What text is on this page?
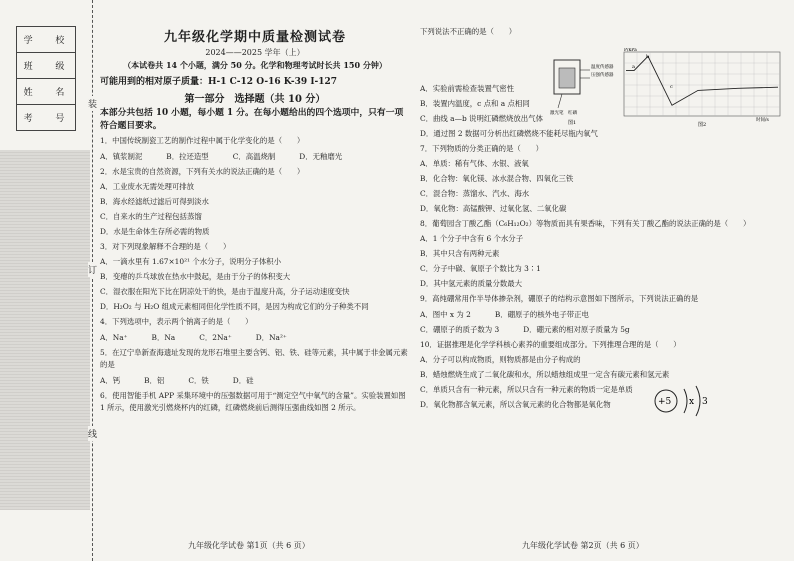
学 校
班 级
姓 名
考 号
装
订
线
九年级化学期中质量检测试卷
2024——2025 学年（上）
（本试卷共 14 个小题，满分 50 分。化学和物理考试时长共 150 分钟）
可能用到的相对原子质量：H-1 C-12 O-16 K-39 I-127
第一部分　选择题（共 10 分）
本部分共包括 10 小题，每小题 1 分。在每小题给出的四个选项中，只有一项符合题目要求。
1．中国传统制瓷工艺的制作过程中属于化学变化的是（　　）
A．镇浆制泥	B．拉还造型	C．高温烧制	D．无釉磨光
2．水是宝贵的自然资源，下列有关水的说法正确的是（　　）
A．工业废水无需处理可排放
B．海水经滤纸过滤后可得到淡水
C．自来水的生产过程包括蒸馏
D．水是生命体生存所必需的物质
3．对下列现象解释不合理的是（　　）
A．一滴水里有 1.67×10²¹ 个水分子，说明分子体积小
B．变瘪的乒乓球放在热水中鼓起，是由于分子的体积变大
C．湿衣服在阳光下比在阴凉处干的快，是由于温度升高，分子运动速度变快
D．H₂O₂ 与 H₂O 组成元素相同但化学性质不同，是因为构成它们的分子种类不同
4．下列选项中，表示两个钠离子的是（　　）
A．Na⁺	B．Na	C．2Na⁺	D．Na²⁺
5．在辽宁阜新查海遗址发现的龙形石堆里主要含钙、铝、铁、硅等元素，其中属于非金属元素的是
A．钙	B．铝	C．铁	D．硅
6．使用智能手机 APP 采集环境中的压强数据可用于“测定空气中氧气的含量”。实验装置如图 1 所示，使用激光引燃烧杯内的红磷，红磷燃烧前后测得压强曲线如图 2 所示。
九年级化学试卷 第1页（共 6 页）
下列说法不正确的是（　　）
A．实验前需检查装置气密性
B．装置内温度，c 点和 a 点相同
C．曲线 a—b 说明红磷燃烧放出气体
D．通过图 2 数据可分析出红磷燃烧不能耗尽瓶内氧气
7．下列物质的分类正确的是（　　）
A．单质：稀有气体、水银、液氧
B．化合物：氧化镁、冰水混合物、四氧化三铁
C．混合物：蒸馏水、汽水、海水
D．氧化物：高锰酸钾、过氧化氢、二氧化碳
8．葡萄园含丁酸乙酯（C₆H₁₂O₂）等物质而具有果香味，下列有关丁酸乙酯的说法正确的是（　　）
A．1 个分子中含有 6 个水分子
B．其中只含有两种元素
C．分子中碳、氧原子个数比为 3∶1
D．其中氢元素的质量分数最大
9．高纯硼常用作半导体掺杂剂，硼原子的结构示意图如下图所示，下列说法正确的是
A．图中 x 为 2	B．硼原子的核外电子带正电
C．硼原子的质子数为 3	D．硼元素的相对原子质量为 5g
10．证据推理是化学学科核心素养的重要组成部分。下列推理合理的是（　　）
A．分子可以构成物质，则物质都是由分子构成的
B．蜡烛燃烧生成了二氧化碳和水，所以蜡烛组成里一定含有碳元素和氢元素
C．单质只含有一种元素，所以只含有一种元素的物质一定是单质
D．氧化物都含氧元素，所以含氧元素的化合物都是氧化物
九年级化学试卷 第2页（共 6 页）
温度传感器
压强传感器
激光笔 红磷
图1
P/kPa
a
b
c
时间/s
图2
+5 x 3
